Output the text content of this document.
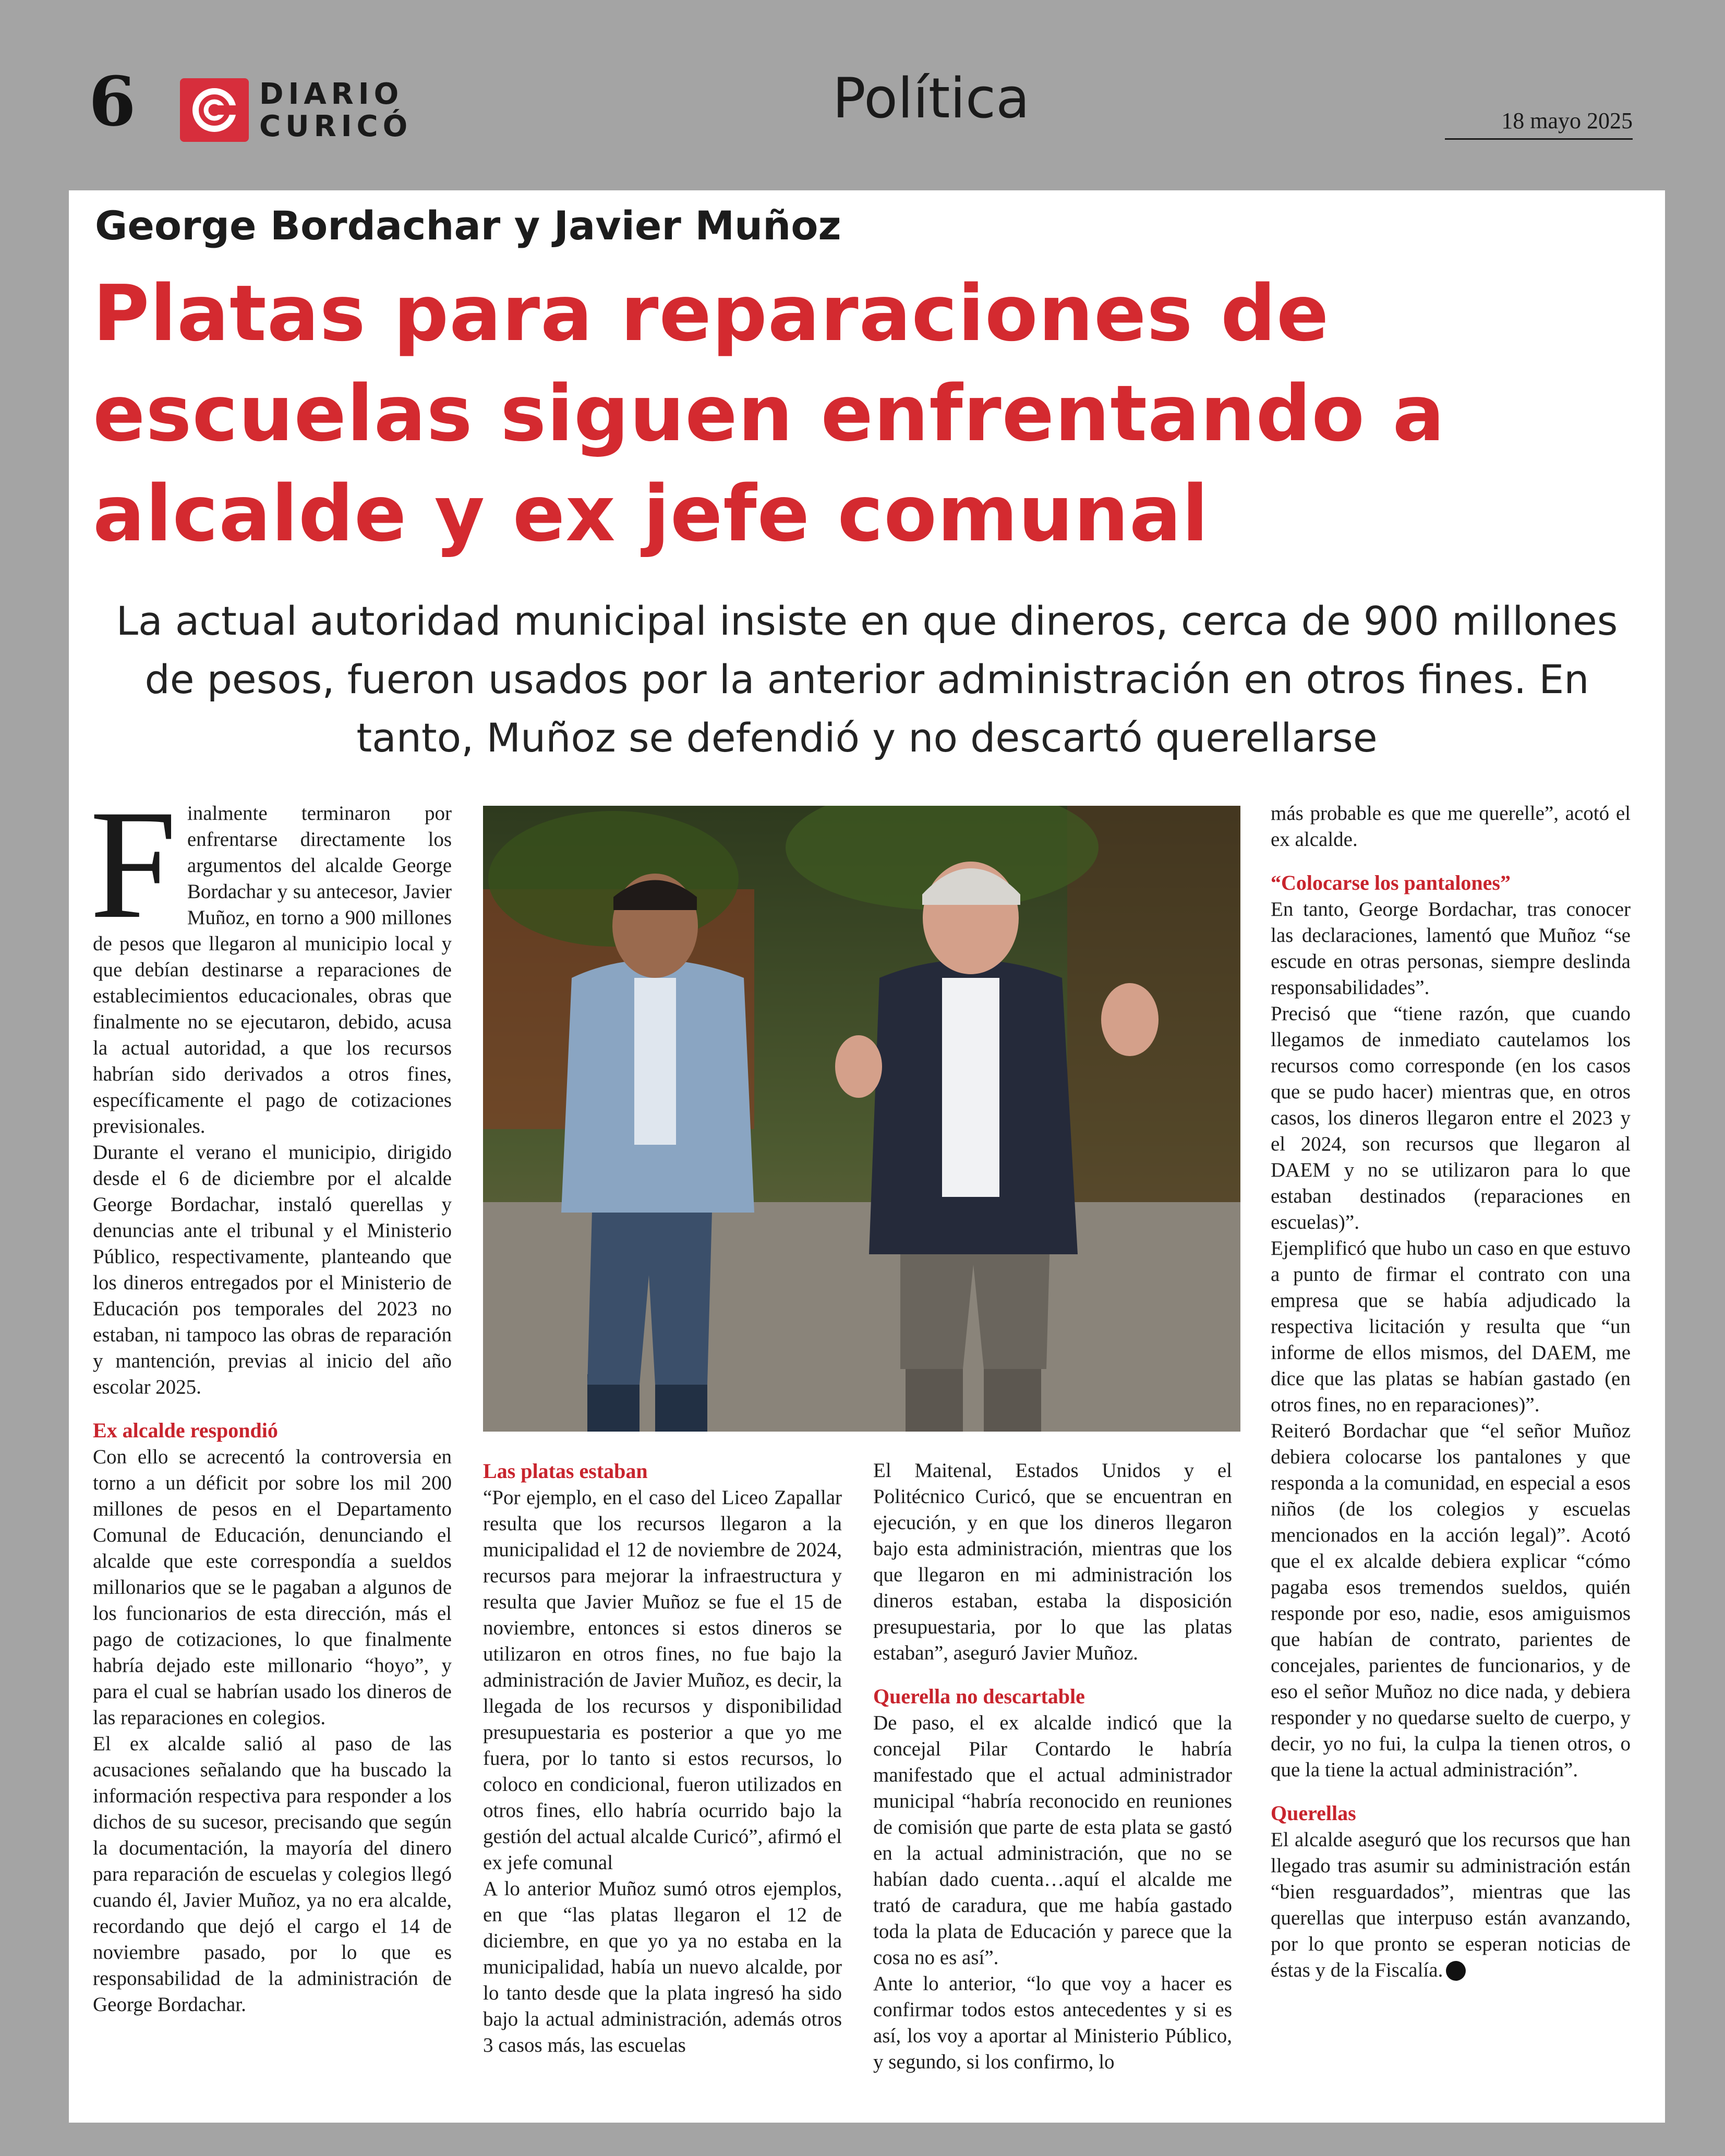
6	DIARIO
CURICÓ	Política	18 mayo 2025
George Bordachar y Javier Muñoz
Platas para reparaciones de escuelas siguen enfrentando a alcalde y ex jefe comunal

La actual autoridad municipal insiste en que dineros, cerca de 900 millones de pesos, fueron usados por la anterior administración en otros fines. En tanto, Muñoz se defendió y no descartó querellarse

Finalmente terminaron por enfrentarse directamente los argumentos del alcalde George Bordachar y su antecesor, Javier Muñoz, en torno a 900 millones de pesos que llegaron al municipio local y que debían destinarse a reparaciones de establecimientos educacionales, obras que finalmente no se ejecutaron, debido, acusa la actual autoridad, a que los recursos habrían sido derivados a otros fines, específicamente el pago de cotizaciones previsionales.

Durante el verano el municipio, dirigido desde el 6 de diciembre por el alcalde George Bordachar, instaló querellas y denuncias ante el tribunal y el Ministerio Público, respectivamente, planteando que los dineros entregados por el Ministerio de Educación pos temporales del 2023 no estaban, ni tampoco las obras de reparación y mantención, previas al inicio del año escolar 2025.

Ex alcalde respondió

Con ello se acrecentó la controversia en torno a un déficit por sobre los mil 200 millones de pesos en el Departamento Comunal de Educación, denunciando el alcalde que este correspondía a sueldos millonarios que se le pagaban a algunos de los funcionarios de esta dirección, más el pago de cotizaciones, lo que finalmente habría dejado este millonario “hoyo”, y para el cual se habrían usado los dineros de las reparaciones en colegios.

El ex alcalde salió al paso de las acusaciones señalando que ha buscado la información respectiva para responder a los dichos de su sucesor, precisando que según la documentación, la mayoría del dinero para reparación de escuelas y colegios llegó cuando él, Javier Muñoz, ya no era alcalde, recordando que dejó el cargo el 14 de noviembre pasado, por lo que es responsabilidad de la administración de George Bordachar.

Las platas estaban

“Por ejemplo, en el caso del Liceo Zapallar resulta que los recursos llegaron a la municipalidad el 12 de noviembre de 2024, recursos para mejorar la infraestructura y resulta que Javier Muñoz se fue el 15 de noviembre, entonces si estos dineros se utilizaron en otros fines, no fue bajo la administración de Javier Muñoz, es decir, la llegada de los recursos y disponibilidad presupuestaria es posterior a que yo me fuera, por lo tanto si estos recursos, lo coloco en condicional, fueron utilizados en otros fines, ello habría ocurrido bajo la gestión del actual alcalde Curicó”, afirmó el ex jefe comunal

A lo anterior Muñoz sumó otros ejemplos, en que “las platas llegaron el 12 de diciembre, en que yo ya no estaba en la municipalidad, había un nuevo alcalde, por lo tanto desde que la plata ingresó ha sido bajo la actual administración, además otros 3 casos más, las escuelas

El Maitenal, Estados Unidos y el Politécnico Curicó, que se encuentran en ejecución, y en que los dineros llegaron bajo esta administración, mientras que los que llegaron en mi administración los dineros estaban, estaba la disposición presupuestaria, por lo que las platas estaban”, aseguró Javier Muñoz.

Querella no descartable

De paso, el ex alcalde indicó que la concejal Pilar Contardo le habría manifestado que el actual administrador municipal “habría reconocido en reuniones de comisión que parte de esta plata se gastó en la actual administración, que no se habían dado cuenta…aquí el alcalde me trató de caradura, que me había gastado toda la plata de Educación y parece que la cosa no es así”.

Ante lo anterior, “lo que voy a hacer es confirmar todos estos antecedentes y si es así, los voy a aportar al Ministerio Público, y segundo, si los confirmo, lo

más probable es que me querelle”, acotó el ex alcalde.

“Colocarse los pantalones”

En tanto, George Bordachar, tras conocer las declaraciones, lamentó que Muñoz “se escude en otras personas, siempre deslinda responsabilidades”.

Precisó que “tiene razón, que cuando llegamos de inmediato cautelamos los recursos como corresponde (en los casos que se pudo hacer) mientras que, en otros casos, los dineros llegaron entre el 2023 y el 2024, son recursos que llegaron al DAEM y no se utilizaron para lo que estaban destinados (reparaciones en escuelas)”.

Ejemplificó que hubo un caso en que estuvo a punto de firmar el contrato con una empresa que se había adjudicado la respectiva licitación y resulta que “un informe de ellos mismos, del DAEM, me dice que las platas se habían gastado (en otros fines, no en reparaciones)”.

Reiteró Bordachar que “el señor Muñoz debiera colocarse los pantalones y que responda a la comunidad, en especial a esos niños (de los colegios y escuelas mencionados en la acción legal)”. Acotó que el ex alcalde debiera explicar “cómo pagaba esos tremendos sueldos, quién responde por eso, nadie, esos amiguismos que habían de contrato, parientes de concejales, parientes de funcionarios, y de eso el señor Muñoz no dice nada, y debiera responder y no quedarse suelto de cuerpo, y decir, yo no fui, la culpa la tienen otros, o que la tiene la actual administración”.

Querellas

El alcalde aseguró que los recursos que han llegado tras asumir su administración están “bien resguardados”, mientras que las querellas que interpuso están avanzando, por lo que pronto se esperan noticias de éstas y de la Fiscalía.
